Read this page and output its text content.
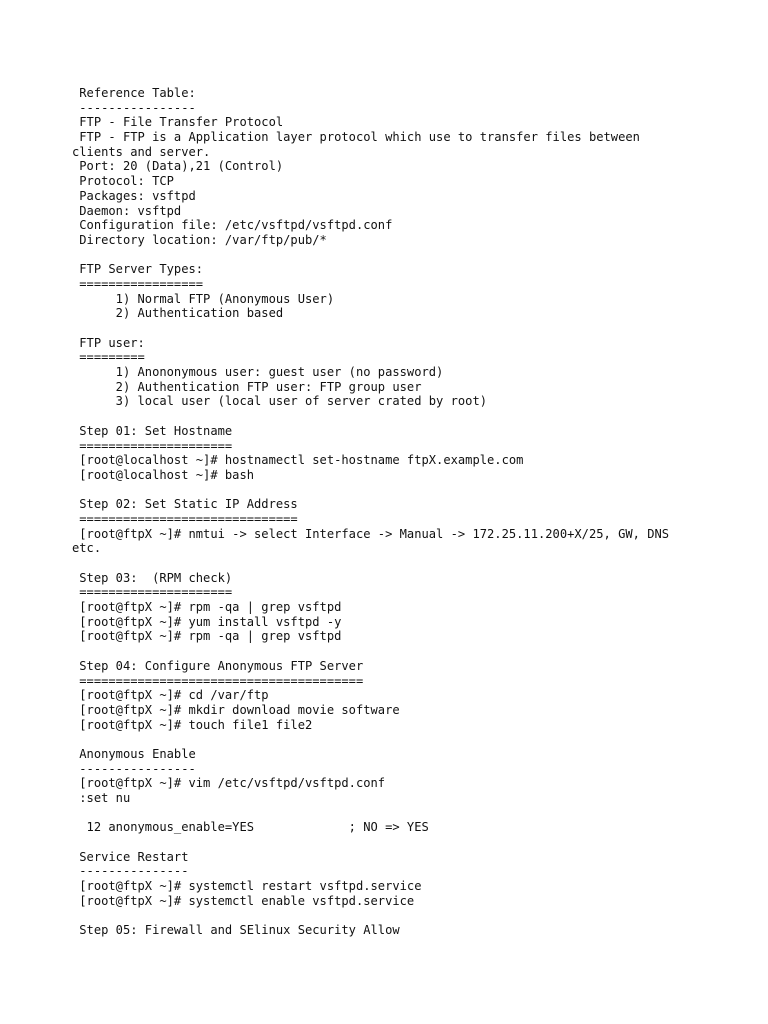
Reference Table:
----------------
FTP - File Transfer Protocol
FTP - FTP is a Application layer protocol which use to transfer files between
clients and server.
Port: 20 (Data),21 (Control)
Protocol: TCP
Packages: vsftpd
Daemon: vsftpd
Configuration file: /etc/vsftpd/vsftpd.conf
Directory location: /var/ftp/pub/*
FTP Server Types:
=================
1) Normal FTP (Anonymous User)
2) Authentication based
FTP user:
=========
1) Anononymous user: guest user (no password)
2) Authentication FTP user: FTP group user
3) local user (local user of server crated by root)
Step 01: Set Hostname
=====================
[root@localhost ~]# hostnamectl set-hostname ftpX.example.com
[root@localhost ~]# bash
Step 02: Set Static IP Address
==============================
[root@ftpX ~]# nmtui -> select Interface -> Manual -> 172.25.11.200+X/25, GW, DNS
etc.
Step 03:  (RPM check)
=====================
[root@ftpX ~]# rpm -qa | grep vsftpd
[root@ftpX ~]# yum install vsftpd -y
[root@ftpX ~]# rpm -qa | grep vsftpd
Step 04: Configure Anonymous FTP Server
=======================================
[root@ftpX ~]# cd /var/ftp
[root@ftpX ~]# mkdir download movie software
[root@ftpX ~]# touch file1 file2
Anonymous Enable
----------------
[root@ftpX ~]# vim /etc/vsftpd/vsftpd.conf
:set nu
12 anonymous_enable=YES             ; NO => YES
Service Restart
---------------
[root@ftpX ~]# systemctl restart vsftpd.service
[root@ftpX ~]# systemctl enable vsftpd.service
Step 05: Firewall and SElinux Security Allow
